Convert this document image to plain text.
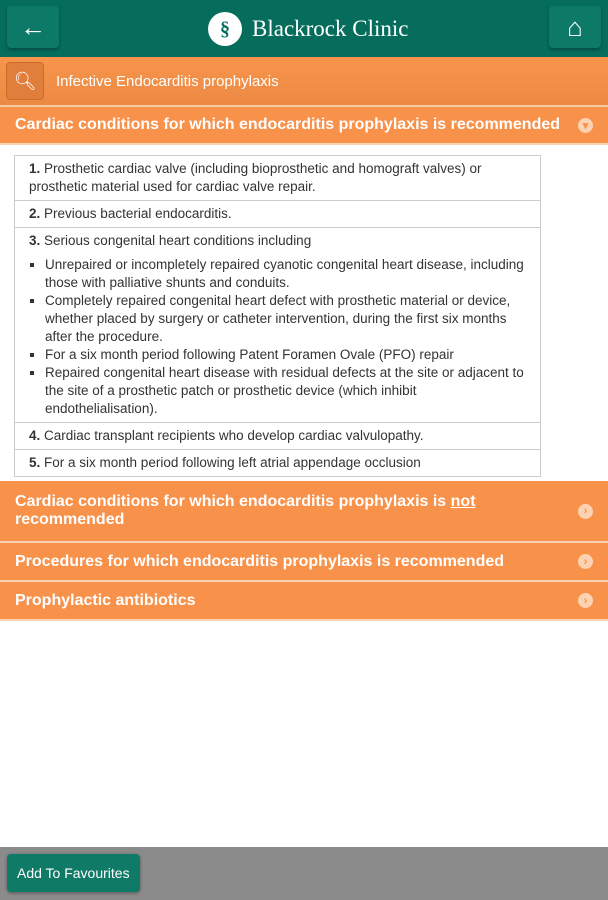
←	§ Blackrock Clinic	⌂
🔍︎ Infective Endocarditis prophylaxis
Cardiac conditions for which endocarditis prophylaxis is recommended	▾
1. Prosthetic cardiac valve (including bioprosthetic and homograft valves) or prosthetic material used for cardiac valve repair.
2. Previous bacterial endocarditis.
3. Serious congenital heart conditions including
▪ Unrepaired or incompletely repaired cyanotic congenital heart disease, including those with palliative shunts and conduits.
▪ Completely repaired congenital heart defect with prosthetic material or device, whether placed by surgery or catheter intervention, during the first six months after the procedure.
▪ For a six month period following Patent Foramen Ovale (PFO) repair
▪ Repaired congenital heart disease with residual defects at the site or adjacent to the site of a prosthetic patch or prosthetic device (which inhibit endothelialisation).

4. Cardiac transplant recipients who develop cardiac valvulopathy.
5. For a six month period following left atrial appendage occlusion
Cardiac conditions for which endocarditis prophylaxis is not recommended	›
Procedures for which endocarditis prophylaxis is recommended	›
Prophylactic antibiotics	›
Add To Favourites
